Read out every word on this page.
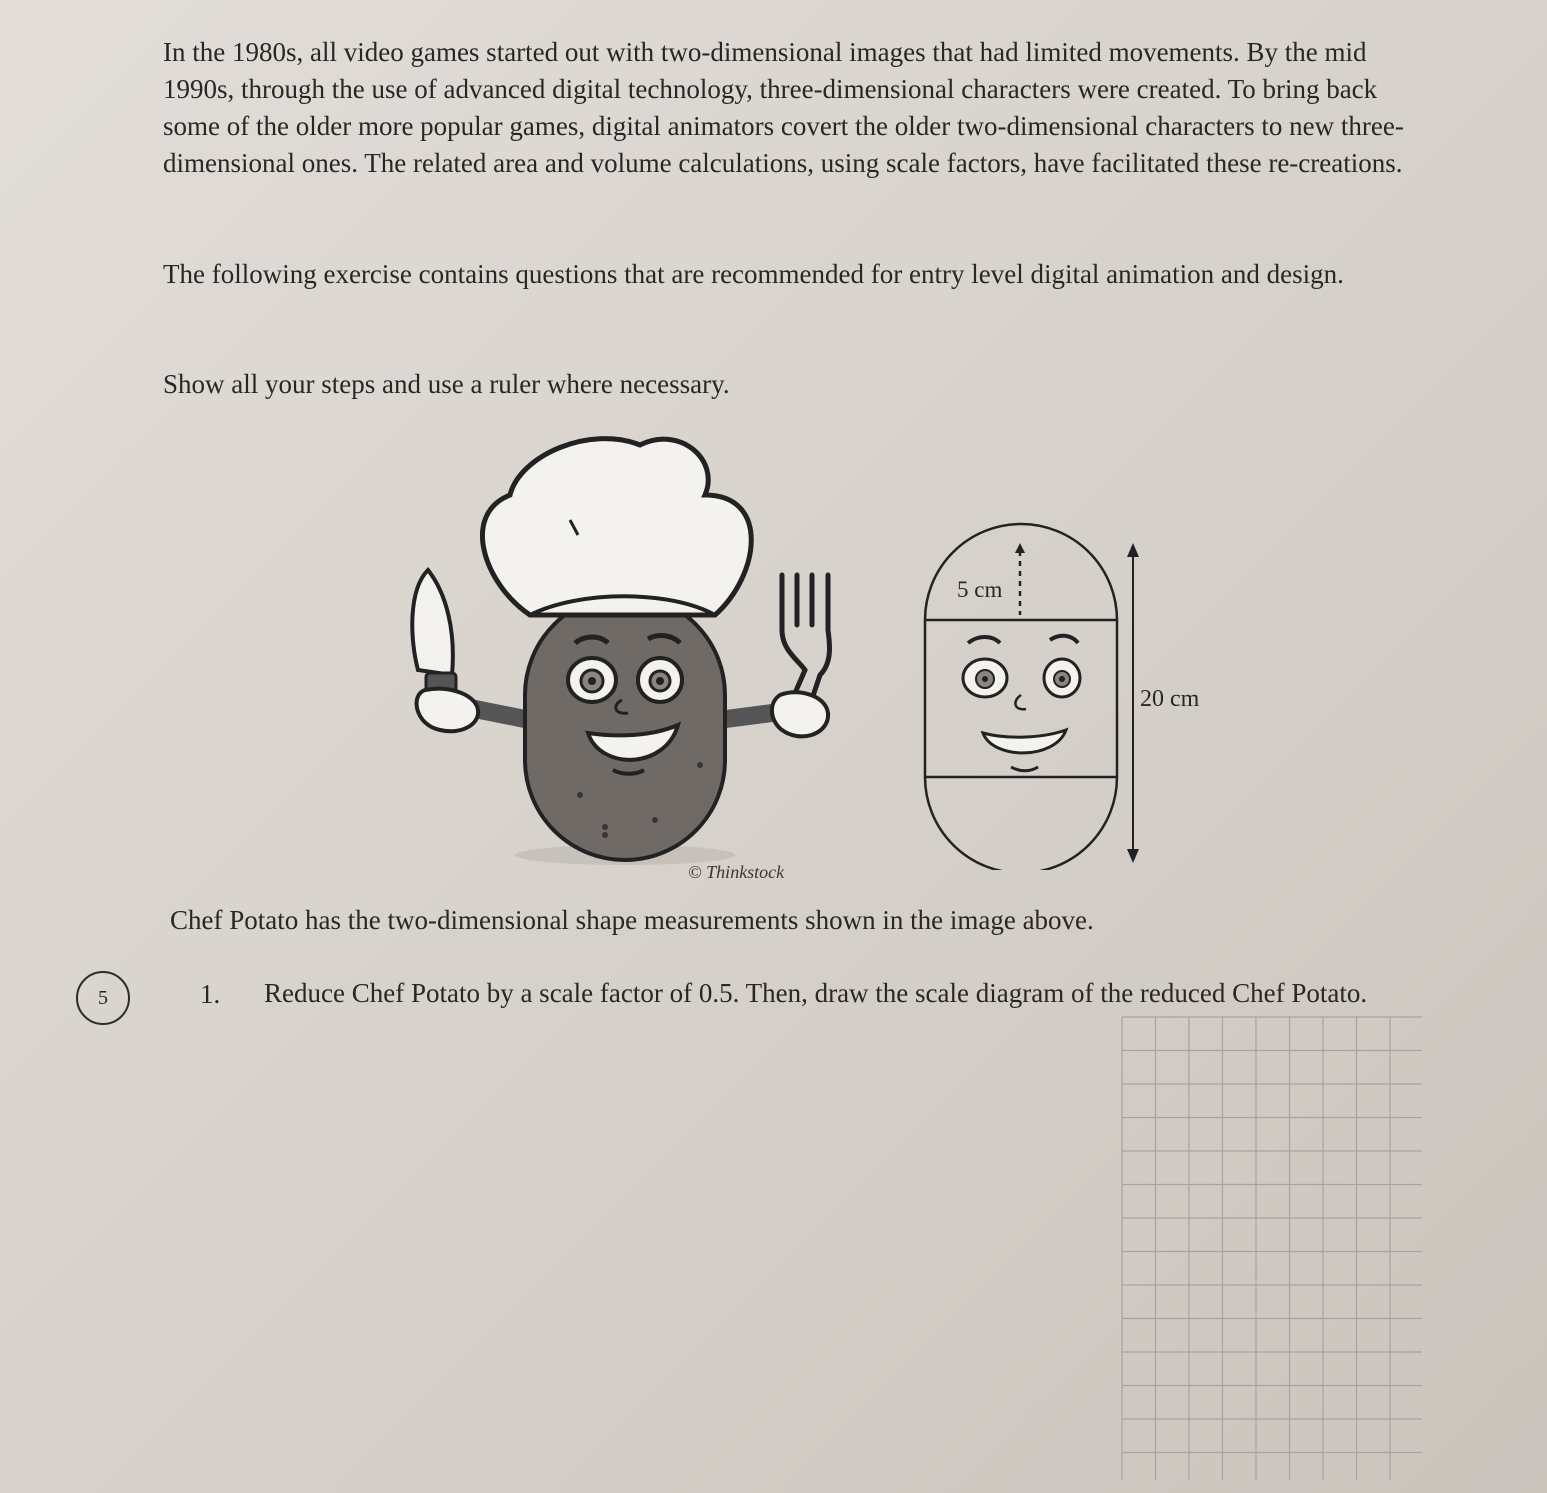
In the 1980s, all video games started out with two-dimensional images that had limited movements. By the mid 1990s, through the use of advanced digital technology, three-dimensional characters were created. To bring back some of the older more popular games, digital animators covert the older two-dimensional characters to new three-dimensional ones. The related area and volume calculations, using scale factors, have facilitated these re-creations.

The following exercise contains questions that are recommended for entry level digital animation and design.

Show all your steps and use a ruler where necessary.

5 cm
20 cm
© Thinkstock

Chef Potato has the two-dimensional shape measurements shown in the image above.

5	1. Reduce Chef Potato by a scale factor of 0.5. Then, draw the scale diagram of the reduced Chef Potato.
